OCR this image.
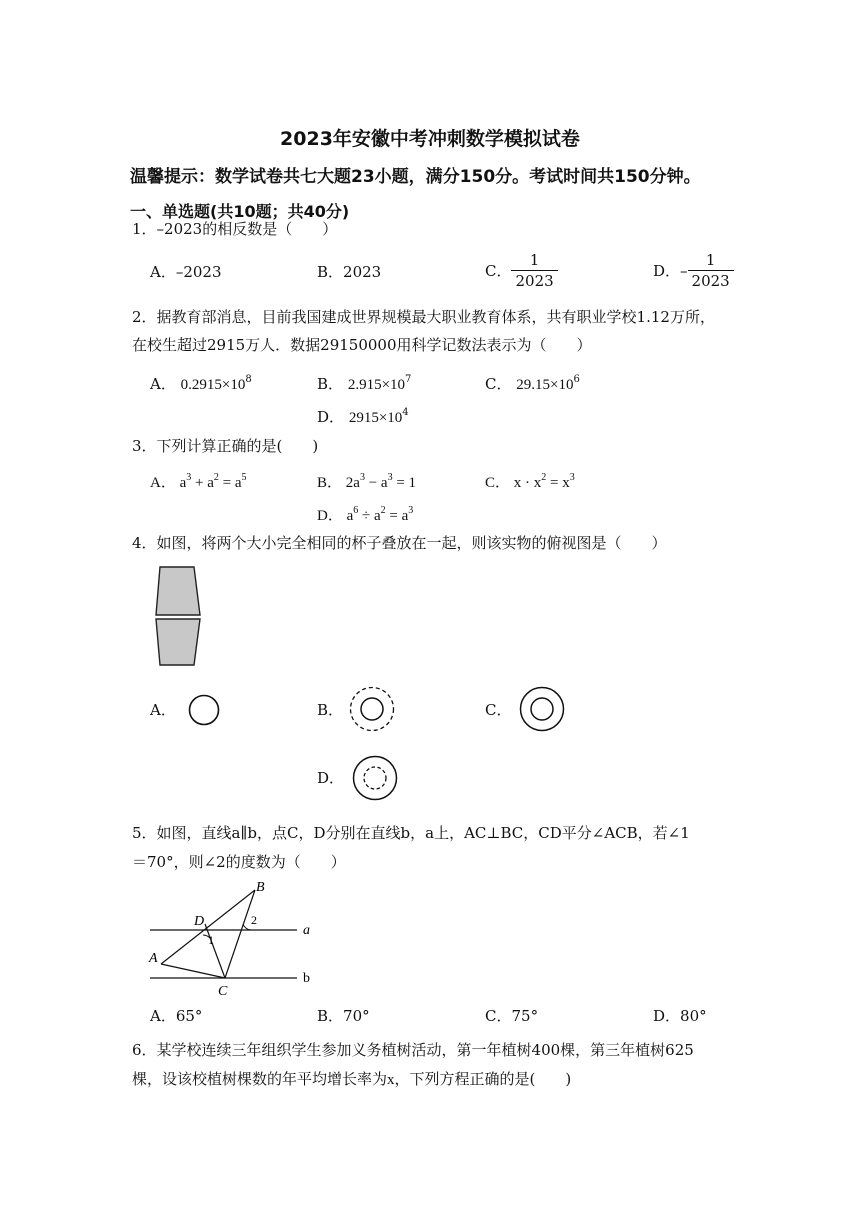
2023年安徽中考冲刺数学模拟试卷
温馨提示：数学试卷共七大题23小题，满分150分。考试时间共150分钟。
一、单选题(共10题；共40分)
1．–2023的相反数是（　　）
A．–2023	B．2023	C． $\frac{1}{2023}$	D．– $\frac{1}{2023}$
2．据教育部消息，目前我国建成世界规模最大职业教育体系，共有职业学校1.12万所，
在校生超过2915万人．数据29150000用科学记数法表示为（　　）
A． $0.2915\times 10^8$	B． $2.915\times 10^7$	C． $29.15\times 10^6$
D． $2915\times 10^4$
3．下列计算正确的是(　　)
A． $a^3 + a^2 = a^5$	B． $2a^3 - a^3 = 1$	C． $x \cdot x^2 = x^3$
D． $a^6 \div a^2 = a^3$
4．如图，将两个大小完全相同的杯子叠放在一起，则该实物的俯视图是（　　）
A．	B．	C．
D．
5．如图，直线a∥b，点C，D分别在直线b，a上，AC⊥BC，CD平分∠ACB，若∠1
＝70°，则∠2的度数为（　　）
B
D
1
2
a
A
b
C
A．65°	B．70°	C．75°	D．80°
6．某学校连续三年组织学生参加义务植树活动，第一年植树400棵，第三年植树625
棵，设该校植树棵数的年平均增长率为x，下列方程正确的是(　　)
